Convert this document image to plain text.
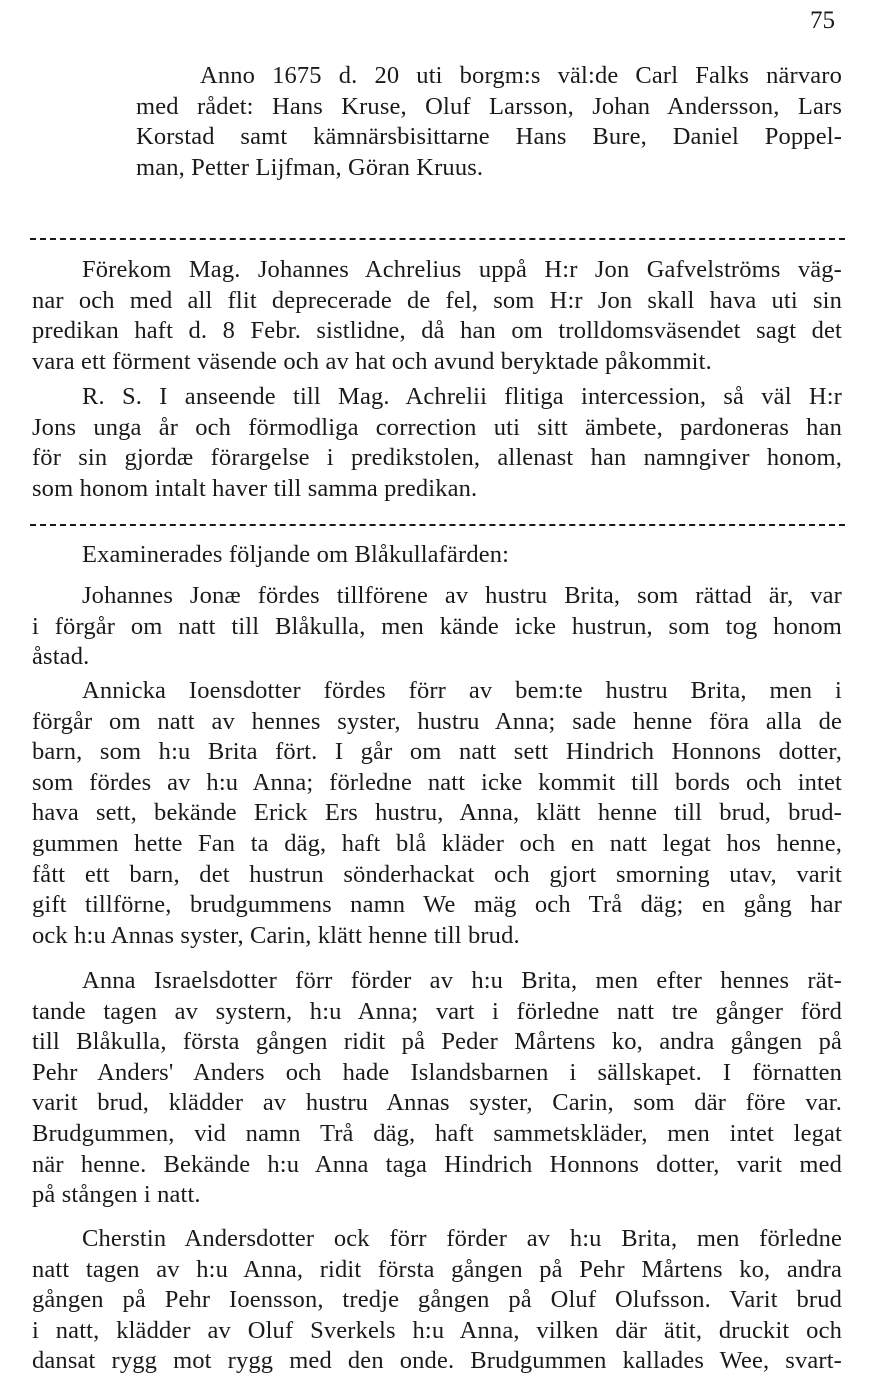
75
Anno 1675 d. 20 uti borgm:s väl:de Carl Falks närvaro
med rådet: Hans Kruse, Oluf Larsson, Johan Andersson, Lars
Korstad samt kämnärsbisittarne Hans Bure, Daniel Poppel-
man, Petter Lijfman, Göran Kruus.
Förekom Mag. Johannes Achrelius uppå H:r Jon Gafvelströms väg-
nar och med all flit deprecerade de fel, som H:r Jon skall hava uti sin
predikan haft d. 8 Febr. sistlidne, då han om trolldomsväsendet sagt det
vara ett förment väsende och av hat och avund beryktade påkommit.
R. S. I anseende till Mag. Achrelii flitiga intercession, så väl H:r
Jons unga år och förmodliga correction uti sitt ämbete, pardoneras han
för sin gjordæ förargelse i predikstolen, allenast han namngiver honom,
som honom intalt haver till samma predikan.
Examinerades följande om Blåkullafärden:
Johannes Jonæ fördes tillförene av hustru Brita, som rättad är, var
i förgår om natt till Blåkulla, men kände icke hustrun, som tog honom
åstad.
Annicka Ioensdotter fördes förr av bem:te hustru Brita, men i
förgår om natt av hennes syster, hustru Anna; sade henne föra alla de
barn, som h:u Brita fört. I går om natt sett Hindrich Honnons dotter,
som fördes av h:u Anna; förledne natt icke kommit till bords och intet
hava sett, bekände Erick Ers hustru, Anna, klätt henne till brud, brud-
gummen hette Fan ta däg, haft blå kläder och en natt legat hos henne,
fått ett barn, det hustrun sönderhackat och gjort smorning utav, varit
gift tillförne, brudgummens namn We mäg och Trå däg; en gång har
ock h:u Annas syster, Carin, klätt henne till brud.
Anna Israelsdotter förr förder av h:u Brita, men efter hennes rät-
tande tagen av systern, h:u Anna; vart i förledne natt tre gånger förd
till Blåkulla, första gången ridit på Peder Mårtens ko, andra gången på
Pehr Anders' Anders och hade Islandsbarnen i sällskapet. I förnatten
varit brud, klädder av hustru Annas syster, Carin, som där före var.
Brudgummen, vid namn Trå däg, haft sammetskläder, men intet legat
när henne. Bekände h:u Anna taga Hindrich Honnons dotter, varit med
på stången i natt.
Cherstin Andersdotter ock förr förder av h:u Brita, men förledne
natt tagen av h:u Anna, ridit första gången på Pehr Mårtens ko, andra
gången på Pehr Ioensson, tredje gången på Oluf Olufsson. Varit brud
i natt, klädder av Oluf Sverkels h:u Anna, vilken där ätit, druckit och
dansat rygg mot rygg med den onde. Brudgummen kallades Wee, svart-
